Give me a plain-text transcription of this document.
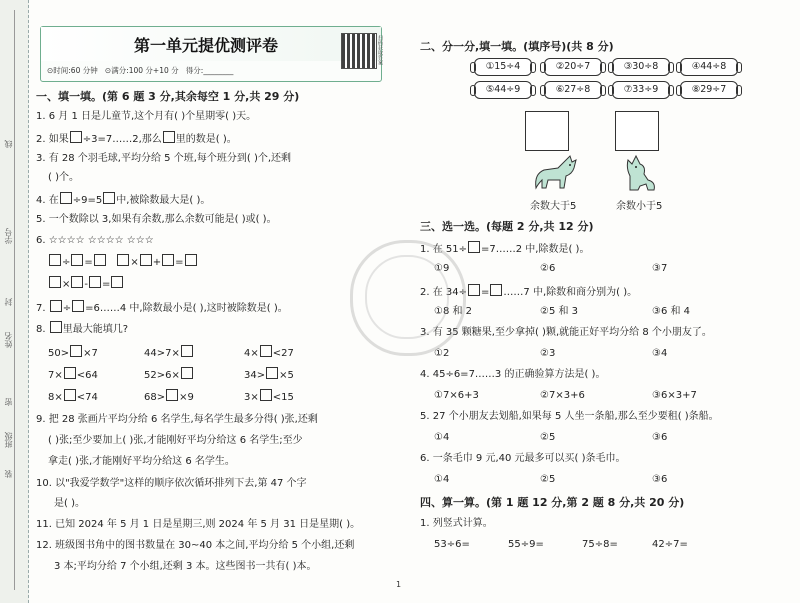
线
学号
封
姓名
密
班级
装
第一单元提优测评卷
⊙时间:60 分钟 ⊙满分:100 分+10 分 得分:________
扫码获取答案
一、填一填。(第 6 题 3 分,其余每空 1 分,共 29 分)
1. 6 月 1 日是儿童节,这个月有( )个星期零( )天。
2. 如果 ÷3=7……2,那么 里的数是( )。
3. 有 28 个羽毛球,平均分给 5 个班,每个班分到( )个,还剩
( )个。
4. 在 ÷9=5 中,被除数最大是( )。
5. 一个数除以 3,如果有余数,那么余数可能是( )或( )。
6. ☆☆☆☆ ☆☆☆☆ ☆☆☆
÷ =	× + =
× - =
7. ÷ =6……4 中,除数最小是( ),这时被除数是( )。
8. 里最大能填几?
50> ×7	44>7×	4× <27
7× <64	52>6×	34> ×5
8× <74	68> ×9	3× <15
9. 把 28 张画片平均分给 6 名学生,每名学生最多分得( )张,还剩
( )张;至少要加上( )张,才能刚好平均分给这 6 名学生;至少
拿走( )张,才能刚好平均分给这 6 名学生。
10. 以"我爱学数学"这样的顺序依次循环排列下去,第 47 个字
是( )。
11. 已知 2024 年 5 月 1 日是星期三,则 2024 年 5 月 31 日是星期( )。
12. 班级图书角中的图书数量在 30~40 本之间,平均分给 5 个小组,还剩
3 本;平均分给 7 个小组,还剩 3 本。这些图书一共有( )本。
二、分一分,填一填。(填序号)(共 8 分)
①15÷4	②20÷7	③30÷8	④44÷8
⑤44÷9	⑥27÷8	⑦33÷9	⑧29÷7
余数大于5	余数小于5
三、选一选。(每题 2 分,共 12 分)
1. 在 51÷ =7……2 中,除数是( )。
①9	②6	③7
2. 在 34÷ = ……7 中,除数和商分别为( )。
①8 和 2	②5 和 3	③6 和 4
3. 有 35 颗糖果,至少拿掉( )颗,就能正好平均分给 8 个小朋友了。
①2	②3	③4
4. 45÷6=7……3 的正确验算方法是( )。
①7×6+3	②7×3+6	③6×3+7
5. 27 个小朋友去划船,如果每 5 人坐一条船,那么至少要租( )条船。
①4	②5	③6
6. 一条毛巾 9 元,40 元最多可以买( )条毛巾。
①4	②5	③6
四、算一算。(第 1 题 12 分,第 2 题 8 分,共 20 分)
1. 列竖式计算。
53÷6=	55÷9=	75÷8=	42÷7=
1
